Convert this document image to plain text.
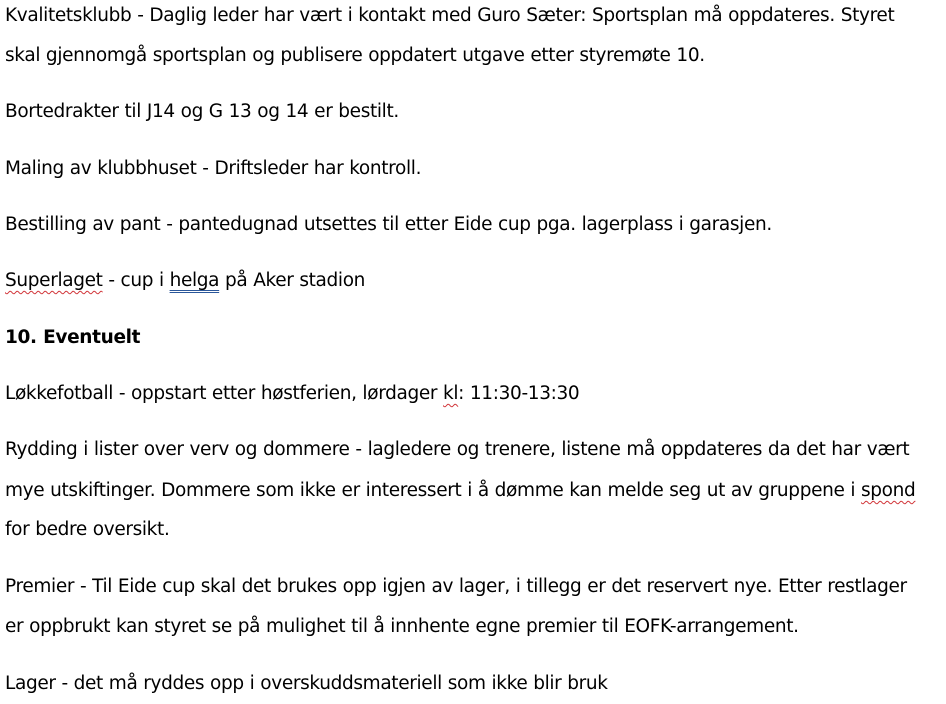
Kvalitetsklubb - Daglig leder har vært i kontakt med Guro Sæter: Sportsplan må oppdateres. Styret
skal gjennomgå sportsplan og publisere oppdatert utgave etter styremøte 10.
Bortedrakter til J14 og G 13 og 14 er bestilt.
Maling av klubbhuset - Driftsleder har kontroll.
Bestilling av pant - pantedugnad utsettes til etter Eide cup pga. lagerplass i garasjen.
Superlaget - cup i helga på Aker stadion
10. Eventuelt
Løkkefotball - oppstart etter høstferien, lørdager kl: 11:30-13:30
Rydding i lister over verv og dommere - lagledere og trenere, listene må oppdateres da det har vært
mye utskiftinger. Dommere som ikke er interessert i å dømme kan melde seg ut av gruppene i spond
for bedre oversikt.
Premier - Til Eide cup skal det brukes opp igjen av lager, i tillegg er det reservert nye. Etter restlager
er oppbrukt kan styret se på mulighet til å innhente egne premier til EOFK-arrangement.
Lager - det må ryddes opp i overskuddsmateriell som ikke blir bruk
